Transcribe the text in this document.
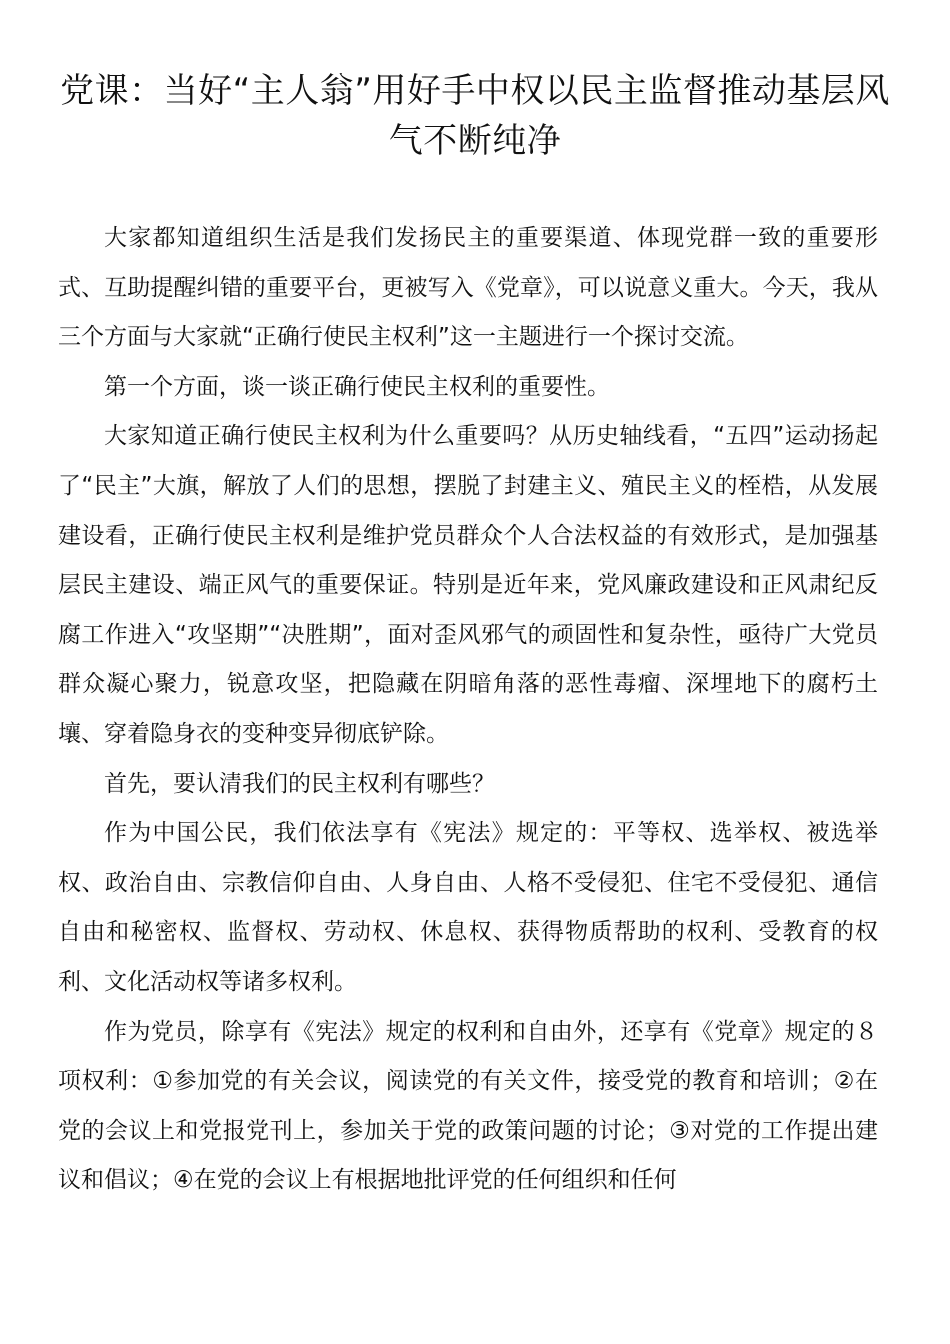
党课：当好“主人翁”用好手中权以民主监督推动基层风气不断纯净

大家都知道组织生活是我们发扬民主的重要渠道、体现党群一致的重要形式、互助提醒纠错的重要平台，更被写入《党章》，可以说意义重大。今天，我从三个方面与大家就“正确行使民主权利”这一主题进行一个探讨交流。

第一个方面，谈一谈正确行使民主权利的重要性。

大家知道正确行使民主权利为什么重要吗？从历史轴线看，“五四”运动扬起了“民主”大旗，解放了人们的思想，摆脱了封建主义、殖民主义的桎梏，从发展建设看，正确行使民主权利是维护党员群众个人合法权益的有效形式，是加强基层民主建设、端正风气的重要保证。特别是近年来，党风廉政建设和正风肃纪反腐工作进入“攻坚期”“决胜期”，面对歪风邪气的顽固性和复杂性，亟待广大党员群众凝心聚力，锐意攻坚，把隐藏在阴暗角落的恶性毒瘤、深埋地下的腐朽土壤、穿着隐身衣的变种变异彻底铲除。

首先，要认清我们的民主权利有哪些？

作为中国公民，我们依法享有《宪法》规定的：平等权、选举权、被选举权、政治自由、宗教信仰自由、人身自由、人格不受侵犯、住宅不受侵犯、通信自由和秘密权、监督权、劳动权、休息权、获得物质帮助的权利、受教育的权利、文化活动权等诸多权利。

作为党员，除享有《宪法》规定的权利和自由外，还享有《党章》规定的８项权利：①参加党的有关会议，阅读党的有关文件，接受党的教育和培训；②在党的会议上和党报党刊上，参加关于党的政策问题的讨论；③对党的工作提出建议和倡议；④在党的会议上有根据地批评党的任何组织和任何
